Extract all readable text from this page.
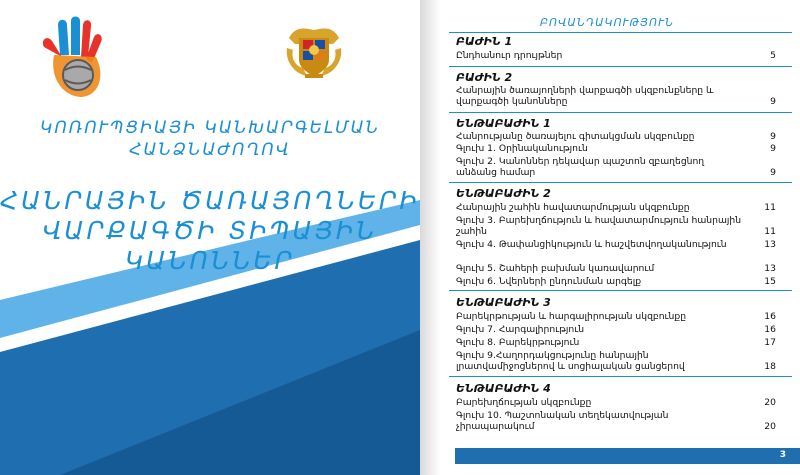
ԿՈՌՈՒՊՑԻԱՅԻ ԿԱՆԽԱՐԳԵԼՄԱՆ
ՀԱՆՁՆԱԺՈՂՈՎ
ՀԱՆՐԱՅԻՆ ԾԱՌԱՅՈՂՆԵՐԻ
ՎԱՐՔԱԳԾԻ ՏԻՊԱՅԻՆ
ԿԱՆՈՆՆԵՐ
ԲՈՎԱՆԴԱԿՈՒԹՅՈՒՆ
ԲԱԺԻՆ 1
Ընդհանուր դրույթներ	5
ԲԱԺԻՆ 2
Հանրային ծառայողների վարքագծի սկզբունքները և վարքագծի կանոնները	9
ԵՆԹԱԲԱԺԻՆ 1
Հանրությանը ծառայելու գիտակցման սկզբունքը	9
Գլուխ 1. Օրինականություն	9
Գլուխ 2. Կանոններ դեկավար պաշտոն զբաղեցնող անձանց համար	9
ԵՆԹԱԲԱԺԻՆ 2
Հանրային շահին հավատարմության սկզբունքը	11
Գլուխ 3. Բարեխղճություն և հավատարմություն հանրային շահին	11
Գլուխ 4. Թափանցիկություն և հաշվետվողականություն	13
Գլուխ 5. Շահերի բախման կառավարում	13
Գլուխ 6. Նվերների ընդունման արգելք	15
ԵՆԹԱԲԱԺԻՆ 3
Բարեկրթության և հարգալիրության սկզբունքը	16
Գլուխ 7. Հարգալիրություն	16
Գլուխ 8. Բարեկրթություն	17
Գլուխ 9.Հաղորդակցությունը հանրային լրատվամիջոցներով և սոցիալական ցանցերով	18
ԵՆԹԱԲԱԺԻՆ 4
Բարեխղճության սկզբունքը	20
Գլուխ 10. Պաշտոնական տեղեկատվության չիրապարակում	20
3
